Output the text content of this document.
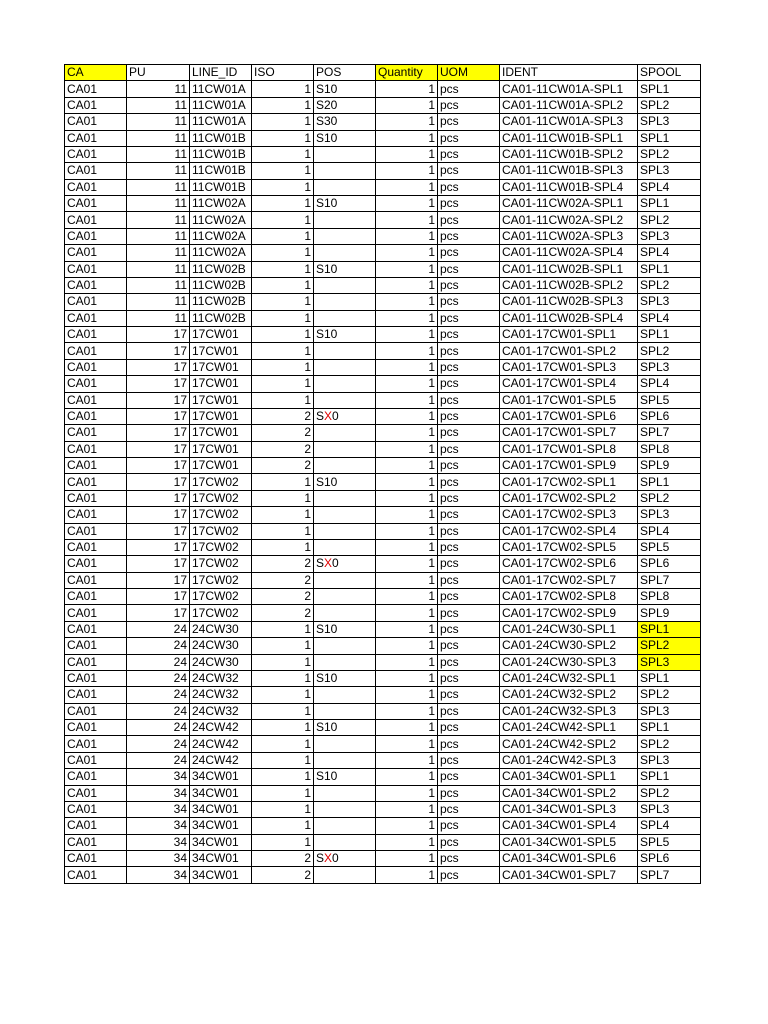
CA	PU	LINE_ID	ISO	POS	Quantity	UOM	IDENT	SPOOL
CA01	11	11CW01A	1	S10	1	pcs	CA01-11CW01A-SPL1	SPL1
CA01	11	11CW01A	1	S20	1	pcs	CA01-11CW01A-SPL2	SPL2
CA01	11	11CW01A	1	S30	1	pcs	CA01-11CW01A-SPL3	SPL3
CA01	11	11CW01B	1	S10	1	pcs	CA01-11CW01B-SPL1	SPL1
CA01	11	11CW01B	1		1	pcs	CA01-11CW01B-SPL2	SPL2
CA01	11	11CW01B	1		1	pcs	CA01-11CW01B-SPL3	SPL3
CA01	11	11CW01B	1		1	pcs	CA01-11CW01B-SPL4	SPL4
CA01	11	11CW02A	1	S10	1	pcs	CA01-11CW02A-SPL1	SPL1
CA01	11	11CW02A	1		1	pcs	CA01-11CW02A-SPL2	SPL2
CA01	11	11CW02A	1		1	pcs	CA01-11CW02A-SPL3	SPL3
CA01	11	11CW02A	1		1	pcs	CA01-11CW02A-SPL4	SPL4
CA01	11	11CW02B	1	S10	1	pcs	CA01-11CW02B-SPL1	SPL1
CA01	11	11CW02B	1		1	pcs	CA01-11CW02B-SPL2	SPL2
CA01	11	11CW02B	1		1	pcs	CA01-11CW02B-SPL3	SPL3
CA01	11	11CW02B	1		1	pcs	CA01-11CW02B-SPL4	SPL4
CA01	17	17CW01	1	S10	1	pcs	CA01-17CW01-SPL1	SPL1
CA01	17	17CW01	1		1	pcs	CA01-17CW01-SPL2	SPL2
CA01	17	17CW01	1		1	pcs	CA01-17CW01-SPL3	SPL3
CA01	17	17CW01	1		1	pcs	CA01-17CW01-SPL4	SPL4
CA01	17	17CW01	1		1	pcs	CA01-17CW01-SPL5	SPL5
CA01	17	17CW01	2	SX0	1	pcs	CA01-17CW01-SPL6	SPL6
CA01	17	17CW01	2		1	pcs	CA01-17CW01-SPL7	SPL7
CA01	17	17CW01	2		1	pcs	CA01-17CW01-SPL8	SPL8
CA01	17	17CW01	2		1	pcs	CA01-17CW01-SPL9	SPL9
CA01	17	17CW02	1	S10	1	pcs	CA01-17CW02-SPL1	SPL1
CA01	17	17CW02	1		1	pcs	CA01-17CW02-SPL2	SPL2
CA01	17	17CW02	1		1	pcs	CA01-17CW02-SPL3	SPL3
CA01	17	17CW02	1		1	pcs	CA01-17CW02-SPL4	SPL4
CA01	17	17CW02	1		1	pcs	CA01-17CW02-SPL5	SPL5
CA01	17	17CW02	2	SX0	1	pcs	CA01-17CW02-SPL6	SPL6
CA01	17	17CW02	2		1	pcs	CA01-17CW02-SPL7	SPL7
CA01	17	17CW02	2		1	pcs	CA01-17CW02-SPL8	SPL8
CA01	17	17CW02	2		1	pcs	CA01-17CW02-SPL9	SPL9
CA01	24	24CW30	1	S10	1	pcs	CA01-24CW30-SPL1	SPL1
CA01	24	24CW30	1		1	pcs	CA01-24CW30-SPL2	SPL2
CA01	24	24CW30	1		1	pcs	CA01-24CW30-SPL3	SPL3
CA01	24	24CW32	1	S10	1	pcs	CA01-24CW32-SPL1	SPL1
CA01	24	24CW32	1		1	pcs	CA01-24CW32-SPL2	SPL2
CA01	24	24CW32	1		1	pcs	CA01-24CW32-SPL3	SPL3
CA01	24	24CW42	1	S10	1	pcs	CA01-24CW42-SPL1	SPL1
CA01	24	24CW42	1		1	pcs	CA01-24CW42-SPL2	SPL2
CA01	24	24CW42	1		1	pcs	CA01-24CW42-SPL3	SPL3
CA01	34	34CW01	1	S10	1	pcs	CA01-34CW01-SPL1	SPL1
CA01	34	34CW01	1		1	pcs	CA01-34CW01-SPL2	SPL2
CA01	34	34CW01	1		1	pcs	CA01-34CW01-SPL3	SPL3
CA01	34	34CW01	1		1	pcs	CA01-34CW01-SPL4	SPL4
CA01	34	34CW01	1		1	pcs	CA01-34CW01-SPL5	SPL5
CA01	34	34CW01	2	SX0	1	pcs	CA01-34CW01-SPL6	SPL6
CA01	34	34CW01	2		1	pcs	CA01-34CW01-SPL7	SPL7
